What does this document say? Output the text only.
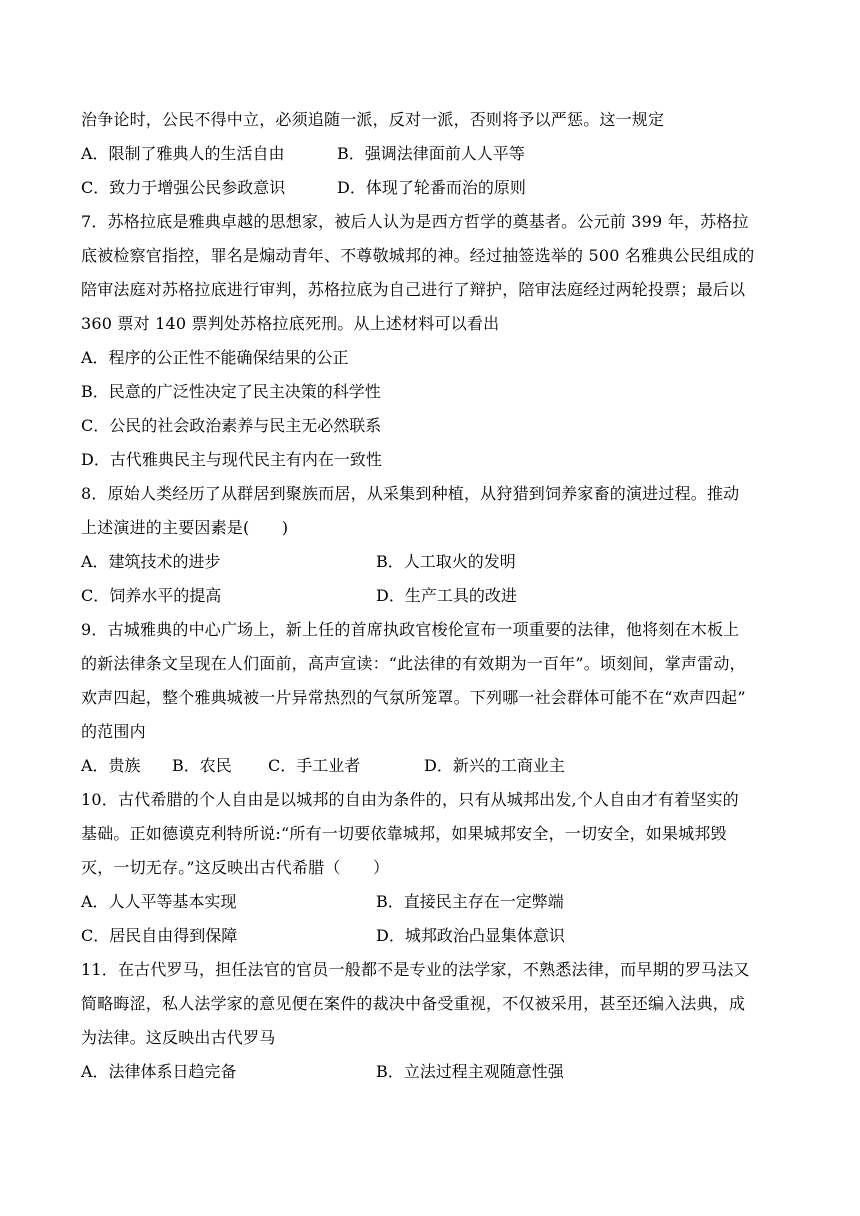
治争论时，公民不得中立，必须追随一派，反对一派，否则将予以严惩。这一规定
A．限制了雅典人的生活自由	B．强调法律面前人人平等
C．致力于增强公民参政意识	D．体现了轮番而治的原则
7．苏格拉底是雅典卓越的思想家，被后人认为是西方哲学的奠基者。公元前 399 年，苏格拉
底被检察官指控，罪名是煽动青年、不尊敬城邦的神。经过抽签选举的 500 名雅典公民组成的
陪审法庭对苏格拉底进行审判，苏格拉底为自己进行了辩护，陪审法庭经过两轮投票；最后以
360 票对 140 票判处苏格拉底死刑。从上述材料可以看出
A．程序的公正性不能确保结果的公正
B．民意的广泛性决定了民主决策的科学性
C．公民的社会政治素养与民主无必然联系
D．古代雅典民主与现代民主有内在一致性
8．原始人类经历了从群居到聚族而居，从采集到种植，从狩猎到饲养家畜的演进过程。推动
上述演进的主要因素是(　　)
A．建筑技术的进步	B．人工取火的发明
C．饲养水平的提高	D．生产工具的改进
9．古城雅典的中心广场上，新上任的首席执政官梭伦宣布一项重要的法律，他将刻在木板上
的新法律条文呈现在人们面前，高声宣读：“此法律的有效期为一百年”。顷刻间，掌声雷动，
欢声四起，整个雅典城被一片异常热烈的气氛所笼罩。下列哪一社会群体可能不在“欢声四起”
的范围内
A．贵族 B．农民 C．手工业者	D．新兴的工商业主
10．古代希腊的个人自由是以城邦的自由为条件的，只有从城邦出发,个人自由才有着坚实的
基础。正如德谟克利特所说:“所有一切要依靠城邦，如果城邦安全，一切安全，如果城邦毁
灭，一切无存。”这反映出古代希腊（　　）
A．人人平等基本实现	B．直接民主存在一定弊端
C．居民自由得到保障	D．城邦政治凸显集体意识
11．在古代罗马，担任法官的官员一般都不是专业的法学家，不熟悉法律，而早期的罗马法又
简略晦涩，私人法学家的意见便在案件的裁决中备受重视，不仅被采用，甚至还编入法典，成
为法律。这反映出古代罗马
A．法律体系日趋完备	B．立法过程主观随意性强
